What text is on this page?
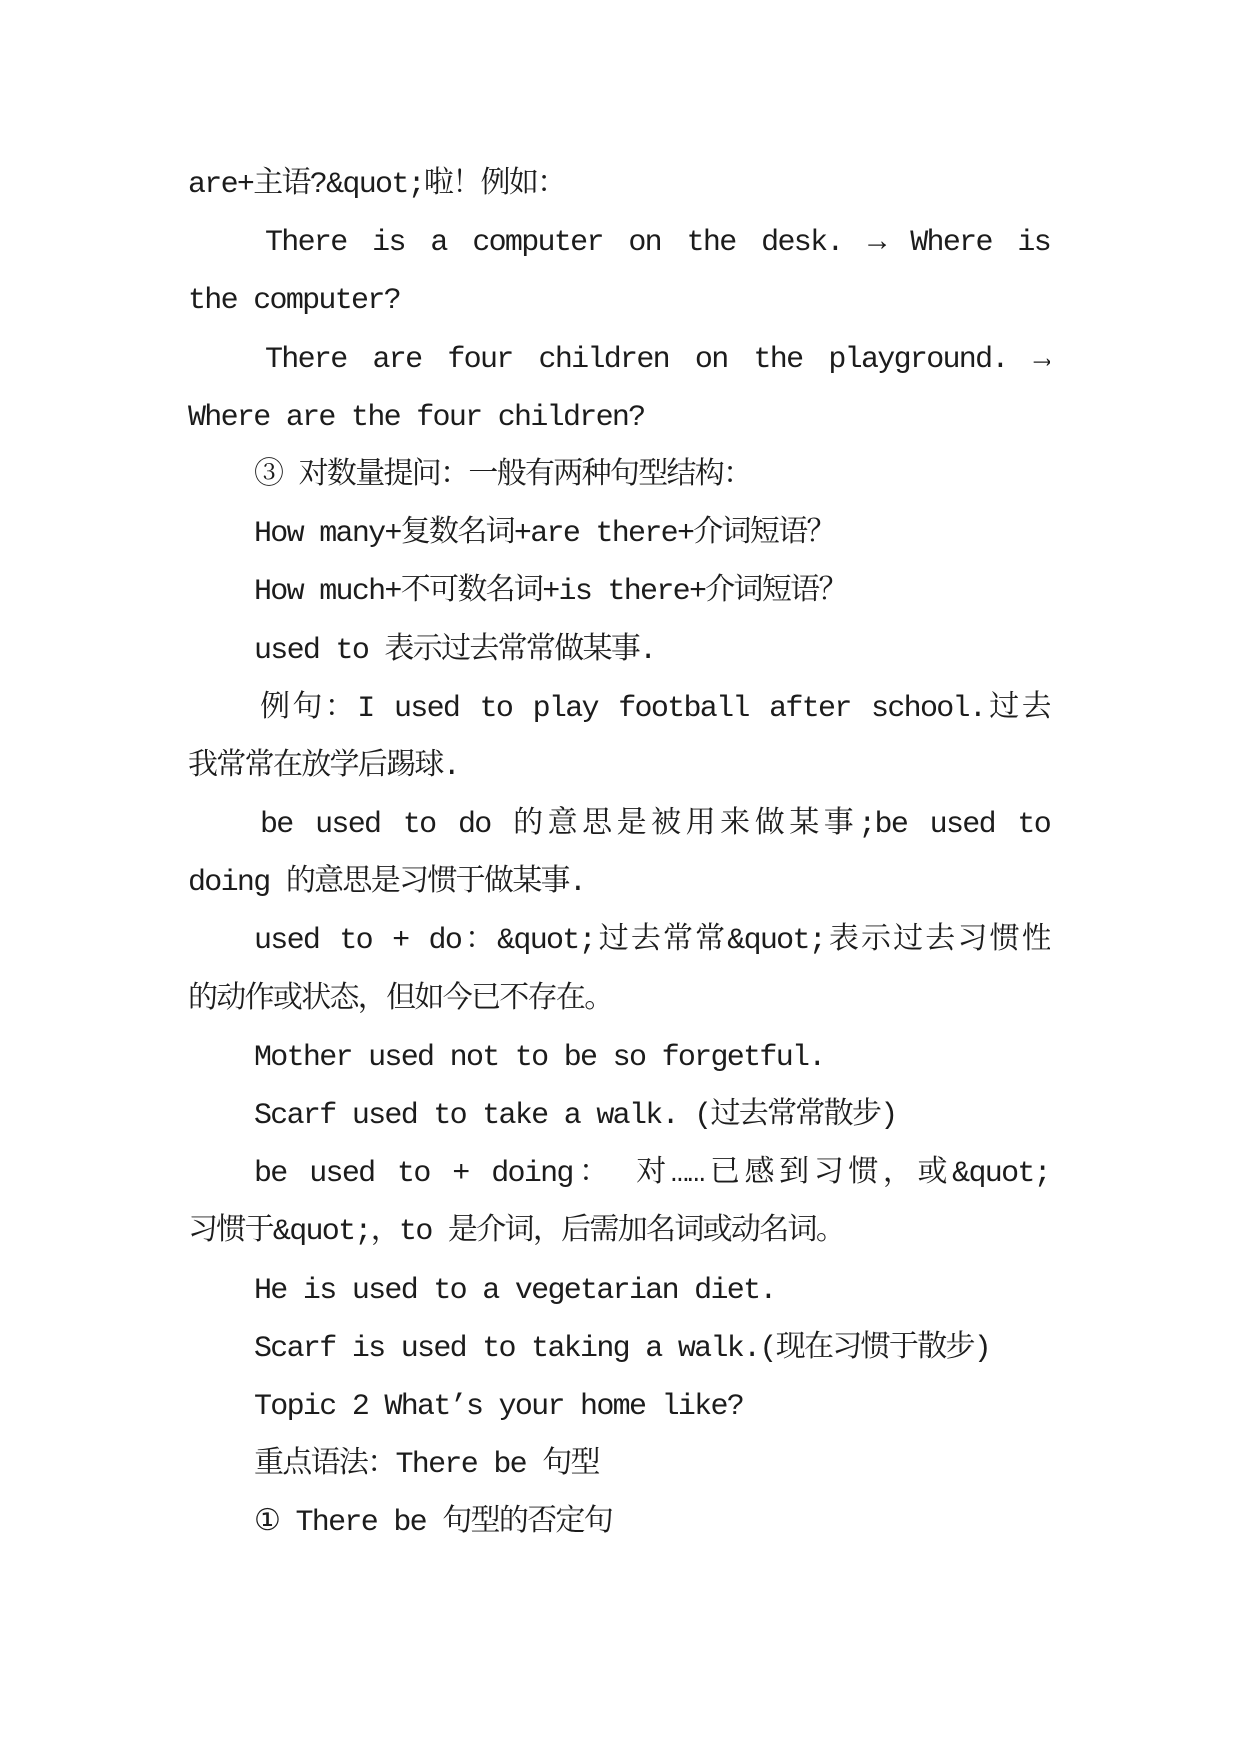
are+主语?&quot;啦！例如：
There is a computer on the desk. → Where is
the computer?
There are four children on the playground. →
Where are the four children?
③ 对数量提问：一般有两种句型结构：
How many+复数名词+are there+介词短语？
How much+不可数名词+is there+介词短语？
used to 表示过去常常做某事.
例句：I used to play football after school.过去
我常常在放学后踢球.
be used to do 的意思是被用来做某事;be used to
doing 的意思是习惯于做某事.
used to + do：&quot;过去常常&quot;表示过去习惯性
的动作或状态，但如今已不存在。
Mother used not to be so forgetful.
Scarf used to take a walk. (过去常常散步)
be used to + doing： 对……已感到习惯，或&quot;
习惯于&quot;，to 是介词，后需加名词或动名词。
He is used to a vegetarian diet.
Scarf is used to taking a walk.(现在习惯于散步)
Topic 2 What’s your home like?
重点语法：There be 句型
① There be 句型的否定句
